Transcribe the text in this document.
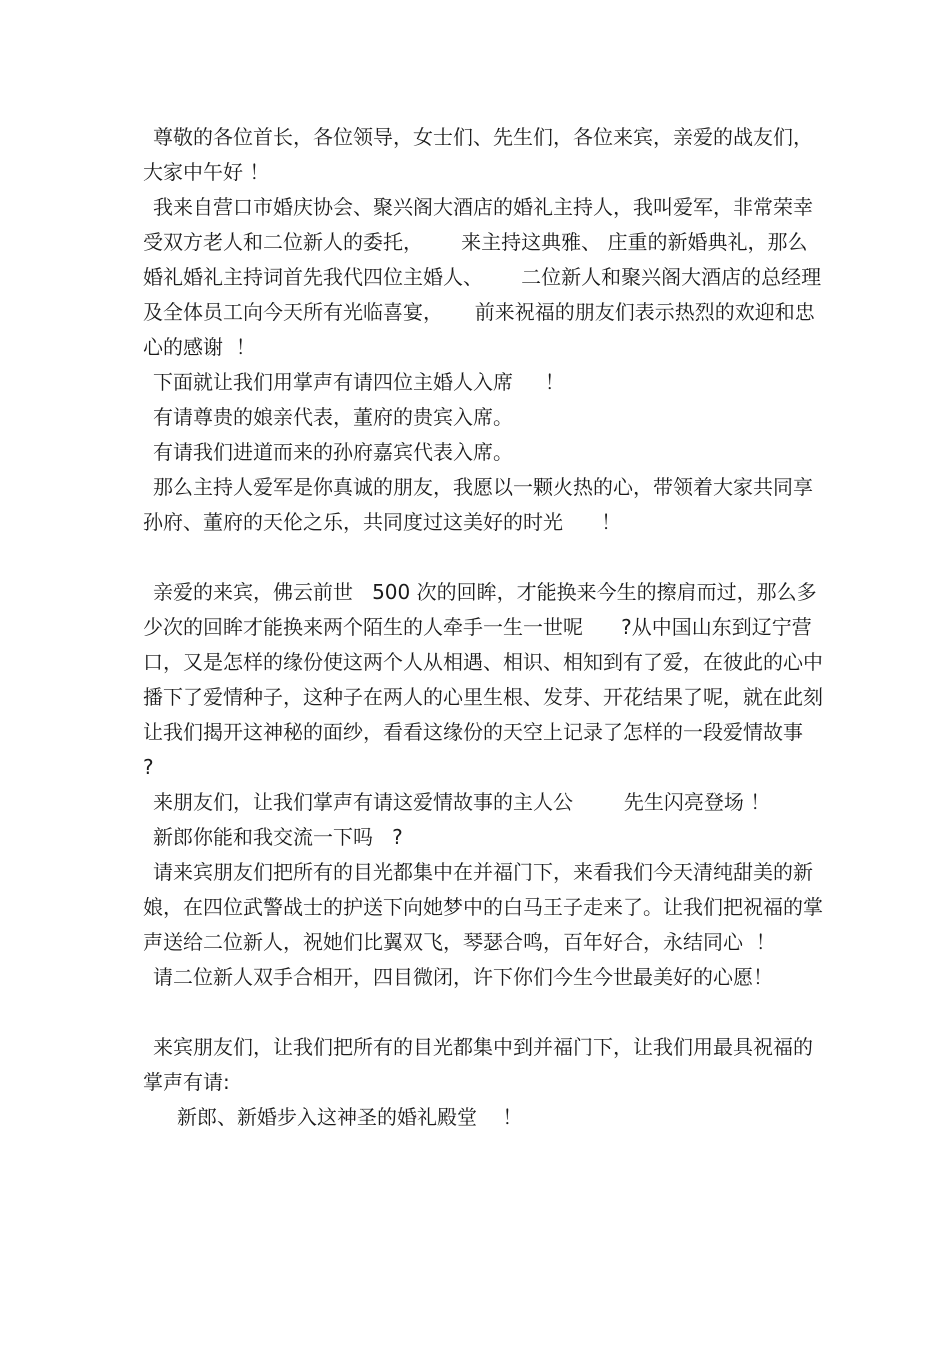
尊敬的各位首长，各位领导，女士们、先生们，各位来宾，亲爱的战友们，大家中午好 ！

我来自营口市婚庆协会、聚兴阁大酒店的婚礼主持人，我叫爱军，非常荣幸受双方老人和二位新人的委托，      来主持这典雅、 庄重的新婚典礼，那么婚礼婚礼主持词首先我代四位主婚人、      二位新人和聚兴阁大酒店的总经理及全体员工向今天所有光临喜宴，     前来祝福的朋友们表示热烈的欢迎和忠心的感谢  ！

下面就让我们用掌声有请四位主婚人入席     ！

有请尊贵的娘亲代表，董府的贵宾入席。

有请我们进道而来的孙府嘉宾代表入席。

那么主持人爱军是你真诚的朋友，我愿以一颗火热的心，带领着大家共同享孙府、董府的天伦之乐，共同度过这美好的时光      ！

亲爱的来宾，佛云前世   500 次的回眸，才能换来今生的擦肩而过，那么多少次的回眸才能换来两个陌生的人牵手一生一世呢      ?从中国山东到辽宁营口，又是怎样的缘份使这两个人从相遇、相识、相知到有了爱，在彼此的心中播下了爱情种子，这种子在两人的心里生根、发芽、开花结果了呢，就在此刻让我们揭开这神秘的面纱，看看这缘份的天空上记录了怎样的一段爱情故事    ?

来朋友们，让我们掌声有请这爱情故事的主人公        先生闪亮登场 ！

新郎你能和我交流一下吗   ?

请来宾朋友们把所有的目光都集中在并福门下，来看我们今天清纯甜美的新娘，在四位武警战士的护送下向她梦中的白马王子走来了。让我们把祝福的掌声送给二位新人，祝她们比翼双飞，琴瑟合鸣，百年好合，永结同心  ！

请二位新人双手合相开，四目微闭，许下你们今生今世最美好的心愿！

来宾朋友们，让我们把所有的目光都集中到并福门下，让我们用最具祝福的掌声有请:

新郎、新婚步入这神圣的婚礼殿堂    ！
